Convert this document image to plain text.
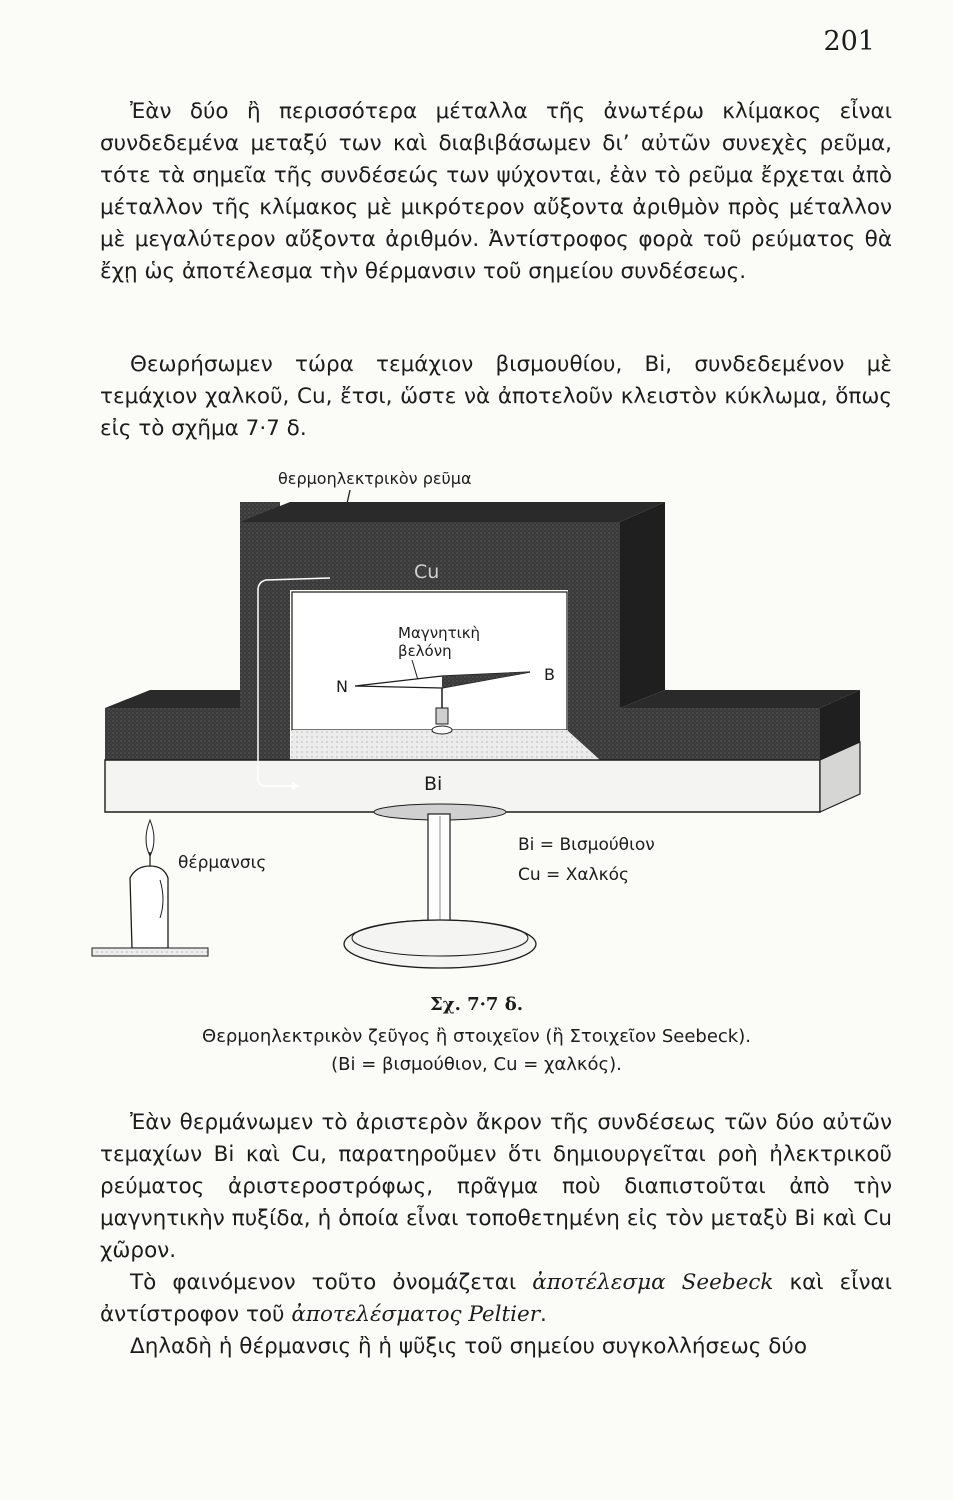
201

Ἐὰν δύο ἢ περισσότερα μέταλλα τῆς ἀνωτέρω κλίμακος εἶναι συνδεδεμένα μεταξύ των καὶ διαβιβάσωμεν δι’ αὐτῶν συνεχὲς ρεῦμα, τότε τὰ σημεῖα τῆς συνδέσεώς των ψύχονται, ἐὰν τὸ ρεῦμα ἔρχεται ἀπὸ μέταλλον τῆς κλίμακος μὲ μικρότερον αὔξοντα ἀριθμὸν πρὸς μέταλλον μὲ μεγαλύτερον αὔξοντα ἀριθμόν. Ἀντίστροφος φορὰ τοῦ ρεύματος θὰ ἔχῃ ὡς ἀποτέλεσμα τὴν θέρμανσιν τοῦ σημείου συνδέσεως.

Θεωρήσωμεν τώρα τεμάχιον βισμουθίου, Bi, συνδεδεμένον μὲ τεμάχιον χαλκοῦ, Cu, ἔτσι, ὥστε νὰ ἀποτελοῦν κλειστὸν κύκλωμα, ὅπως εἰς τὸ σχῆμα 7·7 δ.

θερμοηλεκτρικὸν ρεῦμα
Cu
Bi
Μαγνητικὴ
βελόνη
N
B
Bi = Βισμούθιον
Cu = Χαλκός
θέρμανσις
Σχ. 7·7 δ.
Θερμοηλεκτρικὸν ζεῦγος ἢ στοιχεῖον (ἢ Στοιχεῖον Seebeck).
(Bi = βισμούθιον, Cu = χαλκός).

Ἐὰν θερμάνωμεν τὸ ἀριστερὸν ἄκρον τῆς συνδέσεως τῶν δύο αὐτῶν τεμαχίων Bi καὶ Cu, παρατηροῦμεν ὅτι δημιουργεῖται ροὴ ἠλεκτρικοῦ ρεύματος ἀριστεροστρόφως, πρᾶγμα ποὺ διαπιστοῦται ἀπὸ τὴν μαγνητικὴν πυξίδα, ἡ ὁποία εἶναι τοποθετημένη εἰς τὸν μεταξὺ Bi καὶ Cu χῶρον.

Τὸ φαινόμενον τοῦτο ὀνομάζεται ἀποτέλεσμα Seebeck καὶ εἶναι ἀντίστροφον τοῦ ἀποτελέσματος Peltier.

Δηλαδὴ ἡ θέρμανσις ἢ ἡ ψῦξις τοῦ σημείου συγκολλήσεως δύο
